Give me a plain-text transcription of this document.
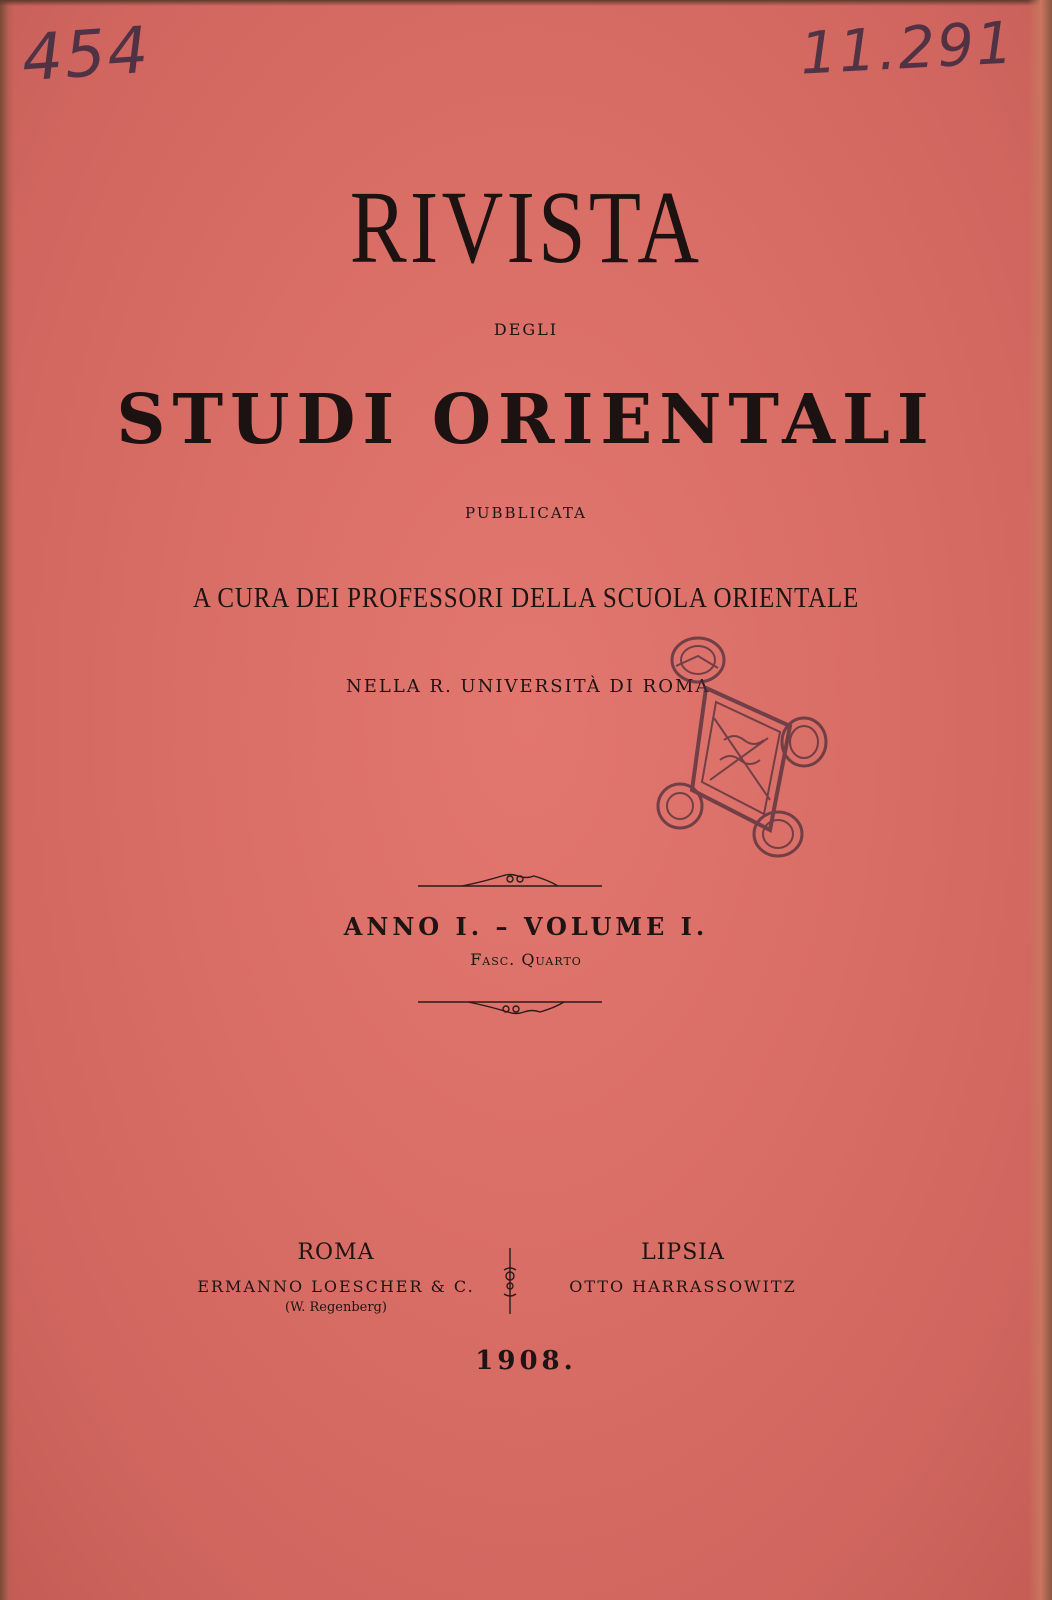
454	11.291
RIVISTA
DEGLI
STUDI ORIENTALI
PUBBLICATA
A CURA DEI PROFESSORI DELLA SCUOLA ORIENTALE
NELLA R. UNIVERSITÀ DI ROMA
ANNO I. – VOLUME I.
Fasc. Quarto
ROMA
ERMANNO LOESCHER & C.
(W. Regenberg)
LIPSIA
OTTO HARRASSOWITZ
1908.
